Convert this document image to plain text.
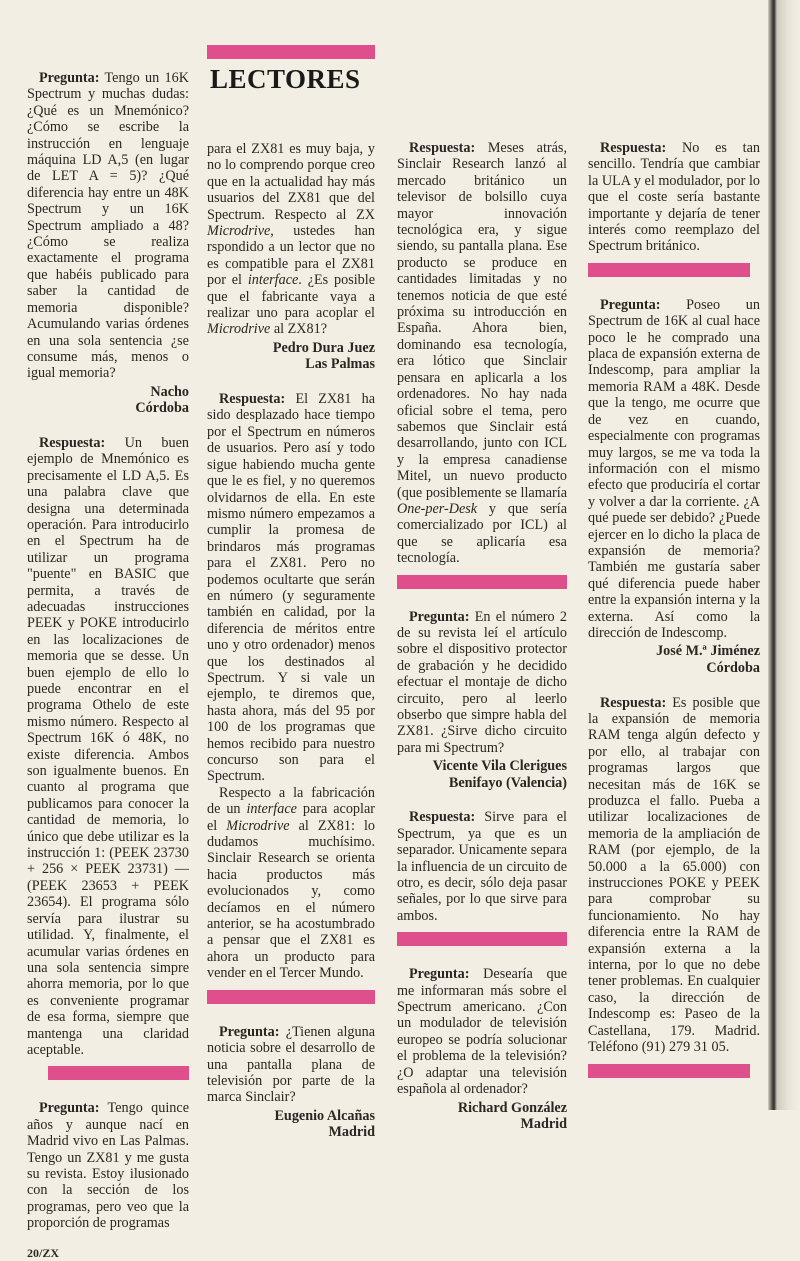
Pregunta: Tengo un 16K Spectrum y muchas dudas: ¿Qué es un Mnemónico? ¿Cómo se escribe la instrucción en lenguaje máquina LD A,5 (en lugar de LET A = 5)? ¿Qué diferencia hay entre un 48K Spectrum y un 16K Spectrum ampliado a 48? ¿Cómo se realiza exactamente el programa que habéis publicado para saber la cantidad de memoria disponible? Acumulando varias órdenes en una sola sentencia ¿se consume más, menos o igual memoria?

Nacho
Córdoba

Respuesta: Un buen ejemplo de Mnemónico es precisamente el LD A,5. Es una palabra clave que designa una determinada operación. Para introducirlo en el Spectrum ha de utilizar un programa "puente" en BASIC que permita, a través de adecuadas instrucciones PEEK y POKE introducirlo en las localizaciones de memoria que se desse. Un buen ejemplo de ello lo puede encontrar en el programa Othelo de este mismo número. Respecto al Spectrum 16K ó 48K, no existe diferencia. Ambos son igualmente buenos. En cuanto al programa que publicamos para conocer la cantidad de memoria, lo único que debe utilizar es la instrucción 1: (PEEK 23730 + 256 × PEEK 23731) —(PEEK 23653 + PEEK 23654). El programa sólo servía para ilustrar su utilidad. Y, finalmente, el acumular varias órdenes en una sola sentencia simpre ahorra memoria, por lo que es conveniente programar de esa forma, siempre que mantenga una claridad aceptable.

Pregunta: Tengo quince años y aunque nací en Madrid vivo en Las Palmas. Tengo un ZX81 y me gusta su revista. Estoy ilusionado con la sección de los programas, pero veo que la proporción de programas

20/ZX
LECTORES

para el ZX81 es muy baja, y no lo comprendo porque creo que en la actualidad hay más usuarios del ZX81 que del Spectrum. Respecto al ZX Microdrive, ustedes han rspondido a un lector que no es compatible para el ZX81 por el interface. ¿Es posible que el fabricante vaya a realizar uno para acoplar el Microdrive al ZX81?

Pedro Dura Juez
Las Palmas

Respuesta: El ZX81 ha sido desplazado hace tiempo por el Spectrum en números de usuarios. Pero así y todo sigue habiendo mucha gente que le es fiel, y no queremos olvidarnos de ella. En este mismo número empezamos a cumplir la promesa de brindaros más programas para el ZX81. Pero no podemos ocultarte que serán en número (y seguramente también en calidad, por la diferencia de méritos entre uno y otro ordenador) menos que los destinados al Spectrum. Y si vale un ejemplo, te diremos que, hasta ahora, más del 95 por 100 de los programas que hemos recibido para nuestro concurso son para el Spectrum.

Respecto a la fabricación de un interface para acoplar el Microdrive al ZX81: lo dudamos muchísimo. Sinclair Research se orienta hacia productos más evolucionados y, como decíamos en el número anterior, se ha acostumbrado a pensar que el ZX81 es ahora un producto para vender en el Tercer Mundo.

Pregunta: ¿Tienen alguna noticia sobre el desarrollo de una pantalla plana de televisión por parte de la marca Sinclair?

Eugenio Alcañas
Madrid

Respuesta: Meses atrás, Sinclair Research lanzó al mercado británico un televisor de bolsillo cuya mayor innovación tecnológica era, y sigue siendo, su pantalla plana. Ese producto se produce en cantidades limitadas y no tenemos noticia de que esté próxima su introducción en España. Ahora bien, dominando esa tecnología, era lótico que Sinclair pensara en aplicarla a los ordenadores. No hay nada oficial sobre el tema, pero sabemos que Sinclair está desarrollando, junto con ICL y la empresa canadiense Mitel, un nuevo producto (que posiblemente se llamaría One-per-Desk y que sería comercializado por ICL) al que se aplicaría esa tecnología.

Pregunta: En el número 2 de su revista leí el artículo sobre el dispositivo protector de grabación y he decidido efectuar el montaje de dicho circuito, pero al leerlo obserbo que simpre habla del ZX81. ¿Sirve dicho circuito para mi Spectrum?

Vicente Vila Clerigues
Benifayo (Valencia)

Respuesta: Sirve para el Spectrum, ya que es un separador. Unicamente separa la influencia de un circuito de otro, es decir, sólo deja pasar señales, por lo que sirve para ambos.

Pregunta: Desearía que me informaran más sobre el Spectrum americano. ¿Con un modulador de televisión europeo se podría solucionar el problema de la televisión? ¿O adaptar una televisión española al ordenador?

Richard González
Madrid

Respuesta: No es tan sencillo. Tendría que cambiar la ULA y el modulador, por lo que el coste sería bastante importante y dejaría de tener interés como reemplazo del Spectrum británico.

Pregunta: Poseo un Spectrum de 16K al cual hace poco le he comprado una placa de expansión externa de Indescomp, para ampliar la memoria RAM a 48K. Desde que la tengo, me ocurre que de vez en cuando, especialmente con programas muy largos, se me va toda la información con el mismo efecto que produciría el cortar y volver a dar la corriente. ¿A qué puede ser debido? ¿Puede ejercer en lo dicho la placa de expansión de memoria? También me gustaría saber qué diferencia puede haber entre la expansión interna y la externa. Así como la dirección de Indescomp.

José M.ª Jiménez
Córdoba

Respuesta: Es posible que la expansión de memoria RAM tenga algún defecto y por ello, al trabajar con programas largos que necesitan más de 16K se produzca el fallo. Pueba a utilizar localizaciones de memoria de la ampliación de RAM (por ejemplo, de la 50.000 a la 65.000) con instrucciones POKE y PEEK para comprobar su funcionamiento. No hay diferencia entre la RAM de expansión externa a la interna, por lo que no debe tener problemas. En cualquier caso, la dirección de Indescomp es: Paseo de la Castellana, 179. Madrid. Teléfono (91) 279 31 05.
